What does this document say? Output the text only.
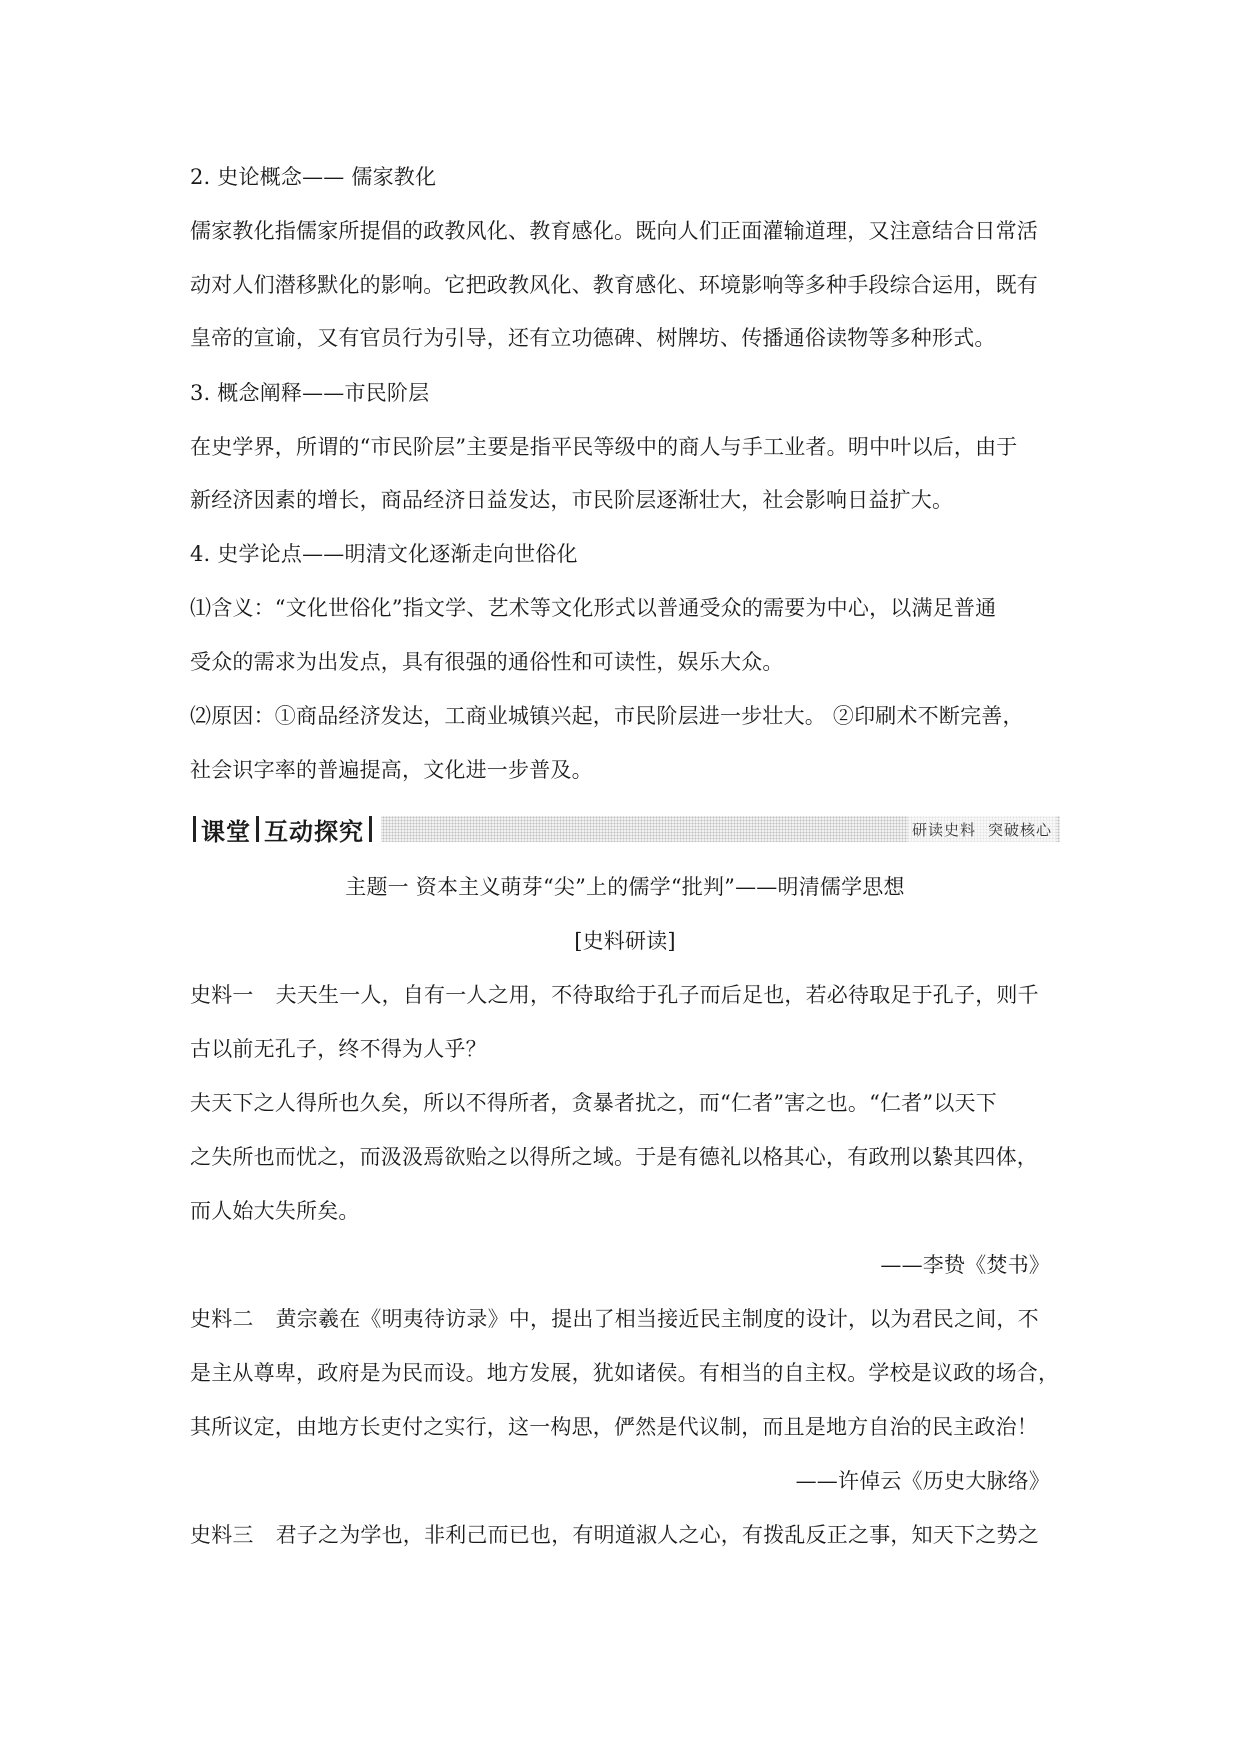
2. 史论概念—— 儒家教化
儒家教化指儒家所提倡的政教风化、教育感化。既向人们正面灌输道理，又注意结合日常活
动对人们潜移默化的影响。它把政教风化、教育感化、环境影响等多种手段综合运用，既有
皇帝的宣谕，又有官员行为引导，还有立功德碑、树牌坊、传播通俗读物等多种形式。
3. 概念阐释——市民阶层
在史学界，所谓的“市民阶层”主要是指平民等级中的商人与手工业者。明中叶以后，由于
新经济因素的增长，商品经济日益发达，市民阶层逐渐壮大，社会影响日益扩大。
4. 史学论点——明清文化逐渐走向世俗化
⑴含义：“文化世俗化”指文学、艺术等文化形式以普通受众的需要为中心，以满足普通
受众的需求为出发点，具有很强的通俗性和可读性，娱乐大众。
⑵原因：①商品经济发达，工商业城镇兴起，市民阶层进一步壮大。 ②印刷术不断完善，
社会识字率的普遍提高，文化进一步普及。
课堂 互动探究	研读史料 突破核心
主题一 资本主义萌芽“尖”上的儒学“批判”——明清儒学思想
[史料研读]
史料一 夫天生一人，自有一人之用，不待取给于孔子而后足也，若必待取足于孔子，则千
古以前无孔子，终不得为人乎？
夫天下之人得所也久矣，所以不得所者，贪暴者扰之，而“仁者”害之也。“仁者”以天下
之失所也而忧之，而汲汲焉欲贻之以得所之域。于是有德礼以格其心，有政刑以絷其四体，
而人始大失所矣。
——李贽《焚书》
史料二 黄宗羲在《明夷待访录》中，提出了相当接近民主制度的设计，以为君民之间，不
是主从尊卑，政府是为民而设。地方发展，犹如诸侯。有相当的自主权。学校是议政的场合，
其所议定，由地方长吏付之实行，这一构思，俨然是代议制，而且是地方自治的民主政治！
——许倬云《历史大脉络》
史料三 君子之为学也，非利己而已也，有明道淑人之心，有拨乱反正之事，知天下之势之
